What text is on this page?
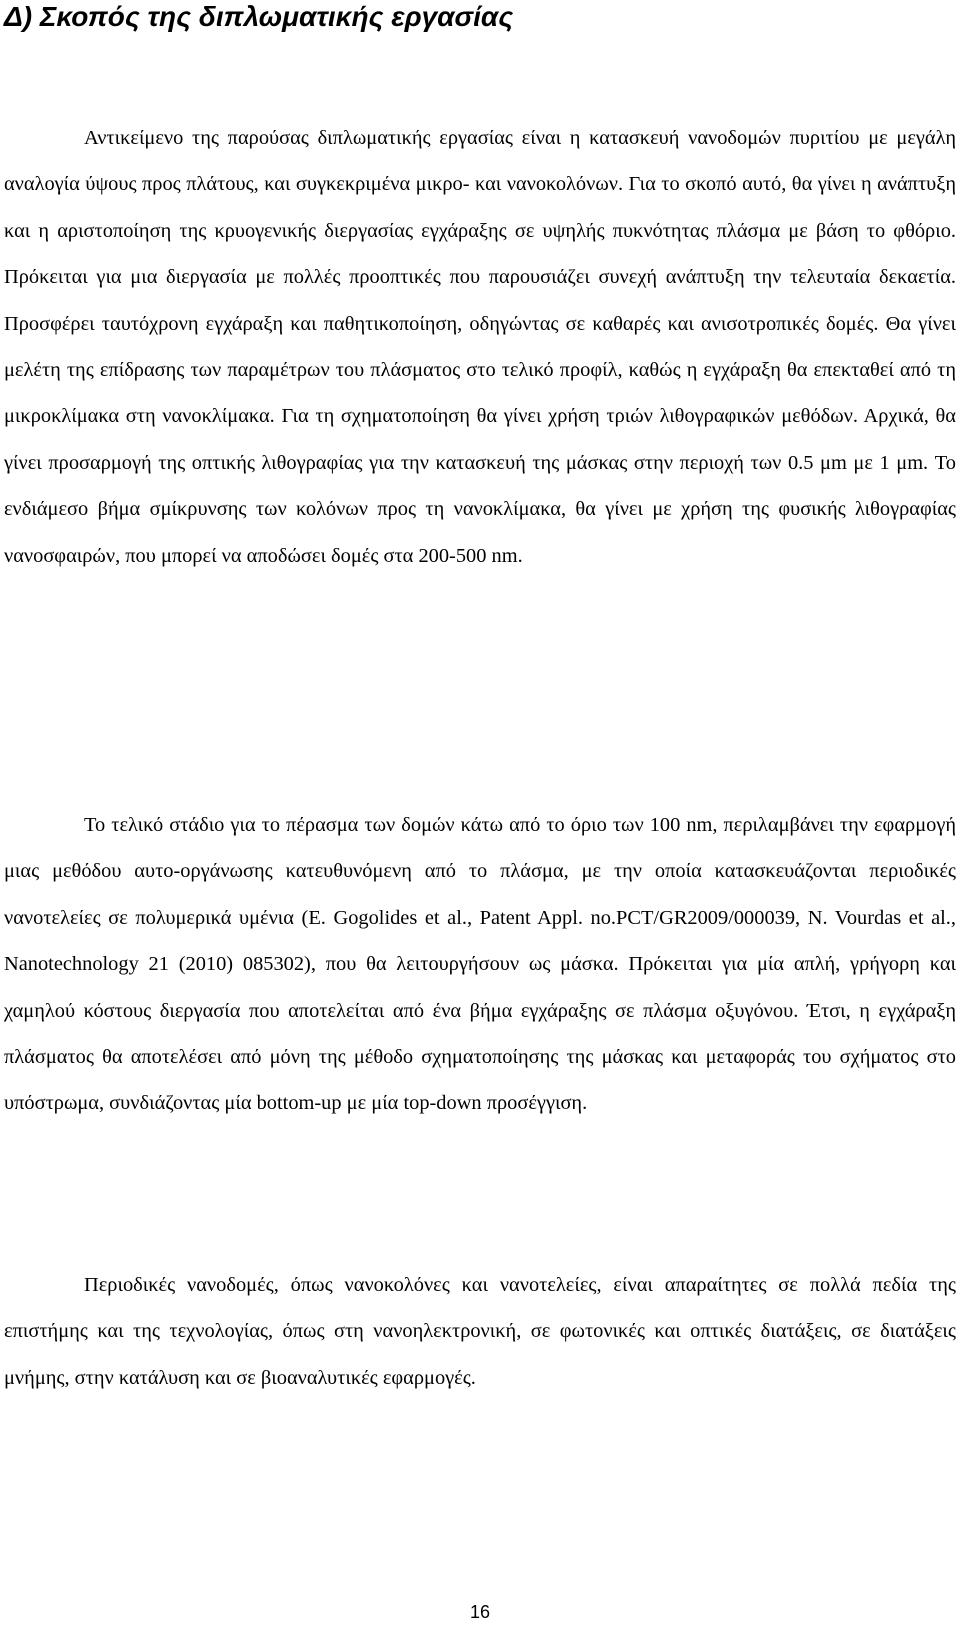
Δ) Σκοπός της διπλωματικής εργασίας

Αντικείμενο της παρούσας διπλωματικής εργασίας είναι η κατασκευή νανοδομών πυριτίου με μεγάλη αναλογία ύψους προς πλάτους, και συγκεκριμένα μικρο- και νανοκολόνων. Για το σκοπό αυτό, θα γίνει η ανάπτυξη και η αριστοποίηση της κρυογενικής διεργασίας εγχάραξης σε υψηλής πυκνότητας πλάσμα με βάση το φθόριο. Πρόκειται για μια διεργασία με πολλές προοπτικές που παρουσιάζει συνεχή ανάπτυξη την τελευταία δεκαετία. Προσφέρει ταυτόχρονη εγχάραξη και παθητικοποίηση, οδηγώντας σε καθαρές και ανισοτροπικές δομές. Θα γίνει μελέτη της επίδρασης των παραμέτρων του πλάσματος στο τελικό προφίλ, καθώς η εγχάραξη θα επεκταθεί από τη μικροκλίμακα στη νανοκλίμακα. Για τη σχηματοποίηση θα γίνει χρήση τριών λιθογραφικών μεθόδων. Αρχικά, θα γίνει προσαρμογή της οπτικής λιθογραφίας για την κατασκευή της μάσκας στην περιοχή των 0.5 μm με 1 μm. Το ενδιάμεσο βήμα σμίκρυνσης των κολόνων προς τη νανοκλίμακα, θα γίνει με χρήση της φυσικής λιθογραφίας νανοσφαιρών, που μπορεί να αποδώσει δομές στα 200-500 nm.

Το τελικό στάδιο για το πέρασμα των δομών κάτω από το όριο των 100 nm, περιλαμβάνει την εφαρμογή μιας μεθόδου αυτο-οργάνωσης κατευθυνόμενη από το πλάσμα, με την οποία κατασκευάζονται περιοδικές νανοτελείες σε πολυμερικά υμένια (E. Gogolides et al., Patent Appl. no.PCT/GR2009/000039, N. Vourdas et al., Nanotechnology 21 (2010) 085302), που θα λειτουργήσουν ως μάσκα. Πρόκειται για μία απλή, γρήγορη και χαμηλού κόστους διεργασία που αποτελείται από ένα βήμα εγχάραξης σε πλάσμα οξυγόνου. Έτσι, η εγχάραξη πλάσματος θα αποτελέσει από μόνη της μέθοδο σχηματοποίησης της μάσκας και μεταφοράς του σχήματος στο υπόστρωμα, συνδιάζοντας μία bottom-up με μία top-down προσέγγιση.

Περιοδικές νανοδομές, όπως νανοκολόνες και νανοτελείες, είναι απαραίτητες σε πολλά πεδία της επιστήμης και της τεχνολογίας, όπως στη νανοηλεκτρονική, σε φωτονικές και οπτικές διατάξεις, σε διατάξεις μνήμης, στην κατάλυση και σε βιοαναλυτικές εφαρμογές.

16
